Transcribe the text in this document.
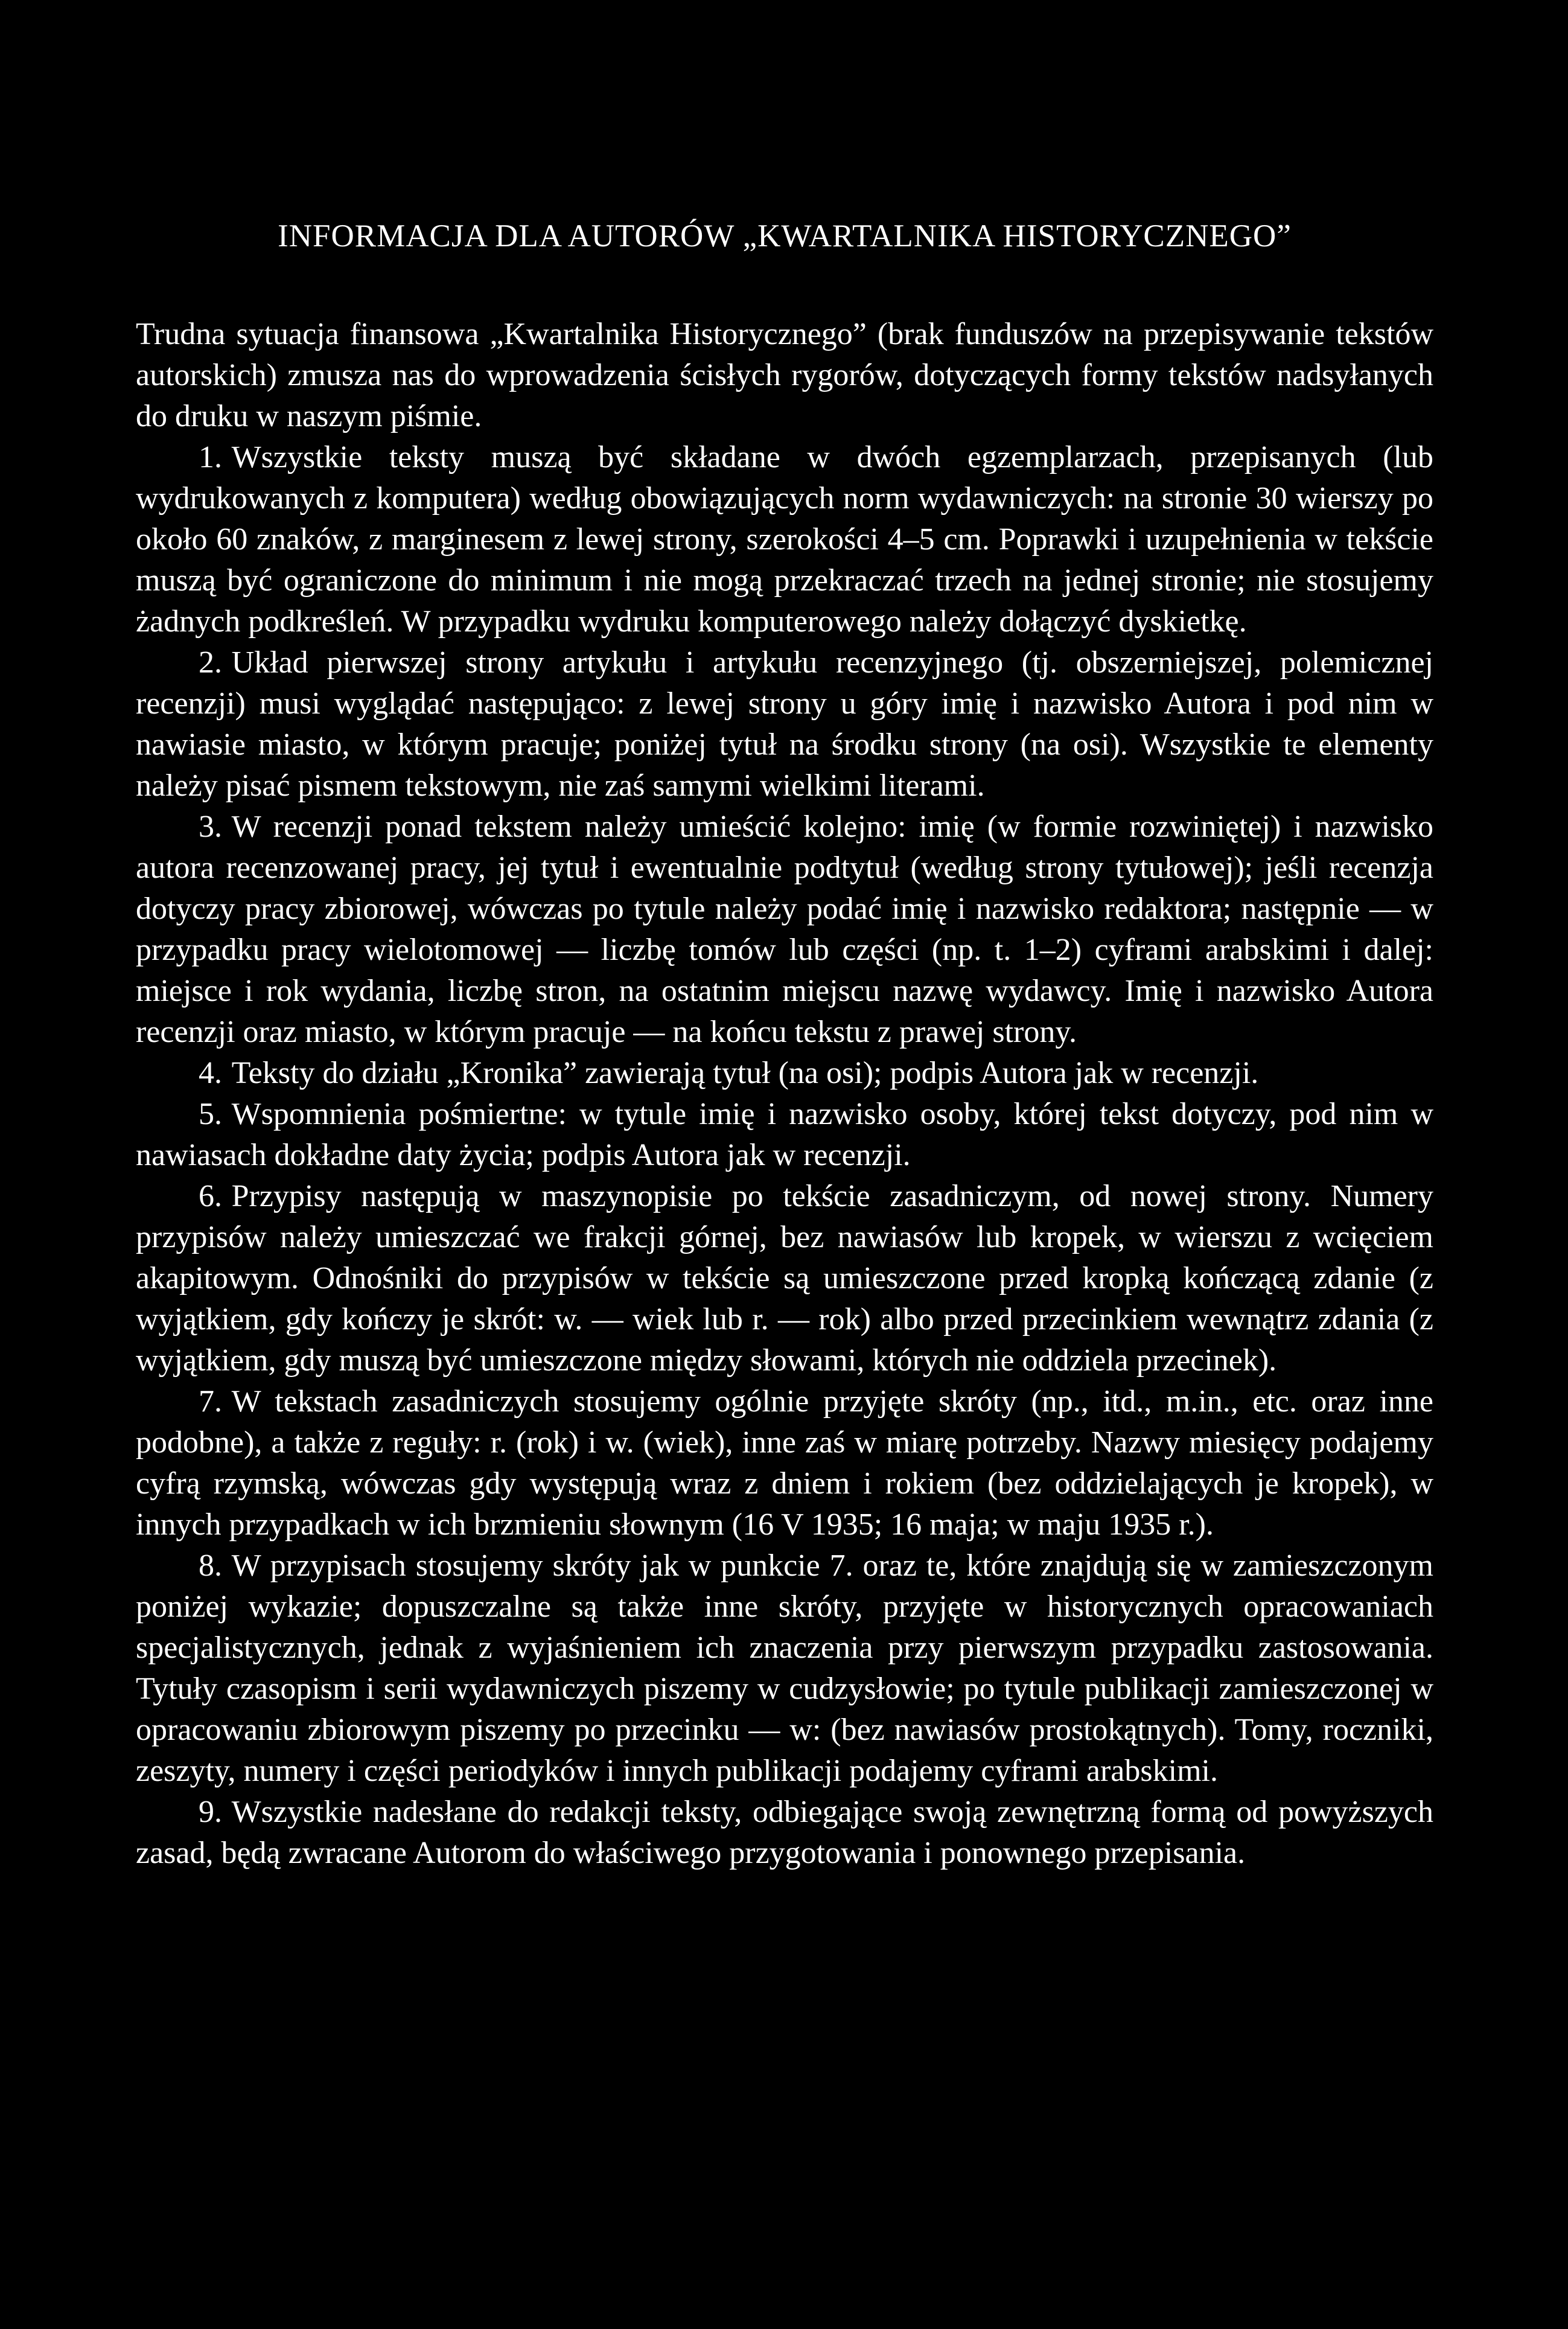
INFORMACJA DLA AUTORÓW „KWARTALNIKA HISTORYCZNEGO”

Trudna sytuacja finansowa „Kwartalnika Historycznego” (brak funduszów na przepisywanie tekstów autorskich) zmusza nas do wprowadzenia ścisłych rygorów, dotyczących formy tekstów nadsyłanych do druku w naszym piśmie.

1. Wszystkie teksty muszą być składane w dwóch egzemplarzach, przepisanych (lub wydrukowanych z komputera) według obowiązujących norm wydawniczych: na stronie 30 wierszy po około 60 znaków, z marginesem z lewej strony, szerokości 4–5 cm. Poprawki i uzupełnienia w tekście muszą być ograniczone do minimum i nie mogą przekraczać trzech na jednej stronie; nie stosujemy żadnych podkreśleń. W przypadku wydruku komputerowego należy dołączyć dyskietkę.

2. Układ pierwszej strony artykułu i artykułu recenzyjnego (tj. obszerniejszej, polemicznej recenzji) musi wyglądać następująco: z lewej strony u góry imię i nazwisko Autora i pod nim w nawiasie miasto, w którym pracuje; poniżej tytuł na środku strony (na osi). Wszystkie te elementy należy pisać pismem tekstowym, nie zaś samymi wielkimi literami.

3. W recenzji ponad tekstem należy umieścić kolejno: imię (w formie rozwiniętej) i nazwisko autora recenzowanej pracy, jej tytuł i ewentualnie podtytuł (według strony tytułowej); jeśli recenzja dotyczy pracy zbiorowej, wówczas po tytule należy podać imię i nazwisko redaktora; następnie — w przypadku pracy wielotomowej — liczbę tomów lub części (np. t. 1–2) cyframi arabskimi i dalej: miejsce i rok wydania, liczbę stron, na ostatnim miejscu nazwę wydawcy. Imię i nazwisko Autora recenzji oraz miasto, w którym pracuje — na końcu tekstu z prawej strony.

4. Teksty do działu „Kronika” zawierają tytuł (na osi); podpis Autora jak w recenzji.

5. Wspomnienia pośmiertne: w tytule imię i nazwisko osoby, której tekst dotyczy, pod nim w nawiasach dokładne daty życia; podpis Autora jak w recenzji.

6. Przypisy następują w maszynopisie po tekście zasadniczym, od nowej strony. Numery przypisów należy umieszczać we frakcji górnej, bez nawiasów lub kropek, w wierszu z wcięciem akapitowym. Odnośniki do przypisów w tekście są umieszczone przed kropką kończącą zdanie (z wyjątkiem, gdy kończy je skrót: w. — wiek lub r. — rok) albo przed przecinkiem wewnątrz zdania (z wyjątkiem, gdy muszą być umieszczone między słowami, których nie oddziela przecinek).

7. W tekstach zasadniczych stosujemy ogólnie przyjęte skróty (np., itd., m.in., etc. oraz inne podobne), a także z reguły: r. (rok) i w. (wiek), inne zaś w miarę potrzeby. Nazwy miesięcy podajemy cyfrą rzymską, wówczas gdy występują wraz z dniem i rokiem (bez oddzielających je kropek), w innych przypadkach w ich brzmieniu słownym (16 V 1935; 16 maja; w maju 1935 r.).

8. W przypisach stosujemy skróty jak w punkcie 7. oraz te, które znajdują się w zamieszczonym poniżej wykazie; dopuszczalne są także inne skróty, przyjęte w historycznych opracowaniach specjalistycznych, jednak z wyjaśnieniem ich znaczenia przy pierwszym przypadku zastosowania. Tytuły czasopism i serii wydawniczych piszemy w cudzysłowie; po tytule publikacji zamieszczonej w opracowaniu zbiorowym piszemy po przecinku — w: (bez nawiasów prostokątnych). Tomy, roczniki, zeszyty, numery i części periodyków i innych publikacji podajemy cyframi arabskimi.

9. Wszystkie nadesłane do redakcji teksty, odbiegające swoją zewnętrzną formą od powyższych zasad, będą zwracane Autorom do właściwego przygotowania i ponownego przepisania.
